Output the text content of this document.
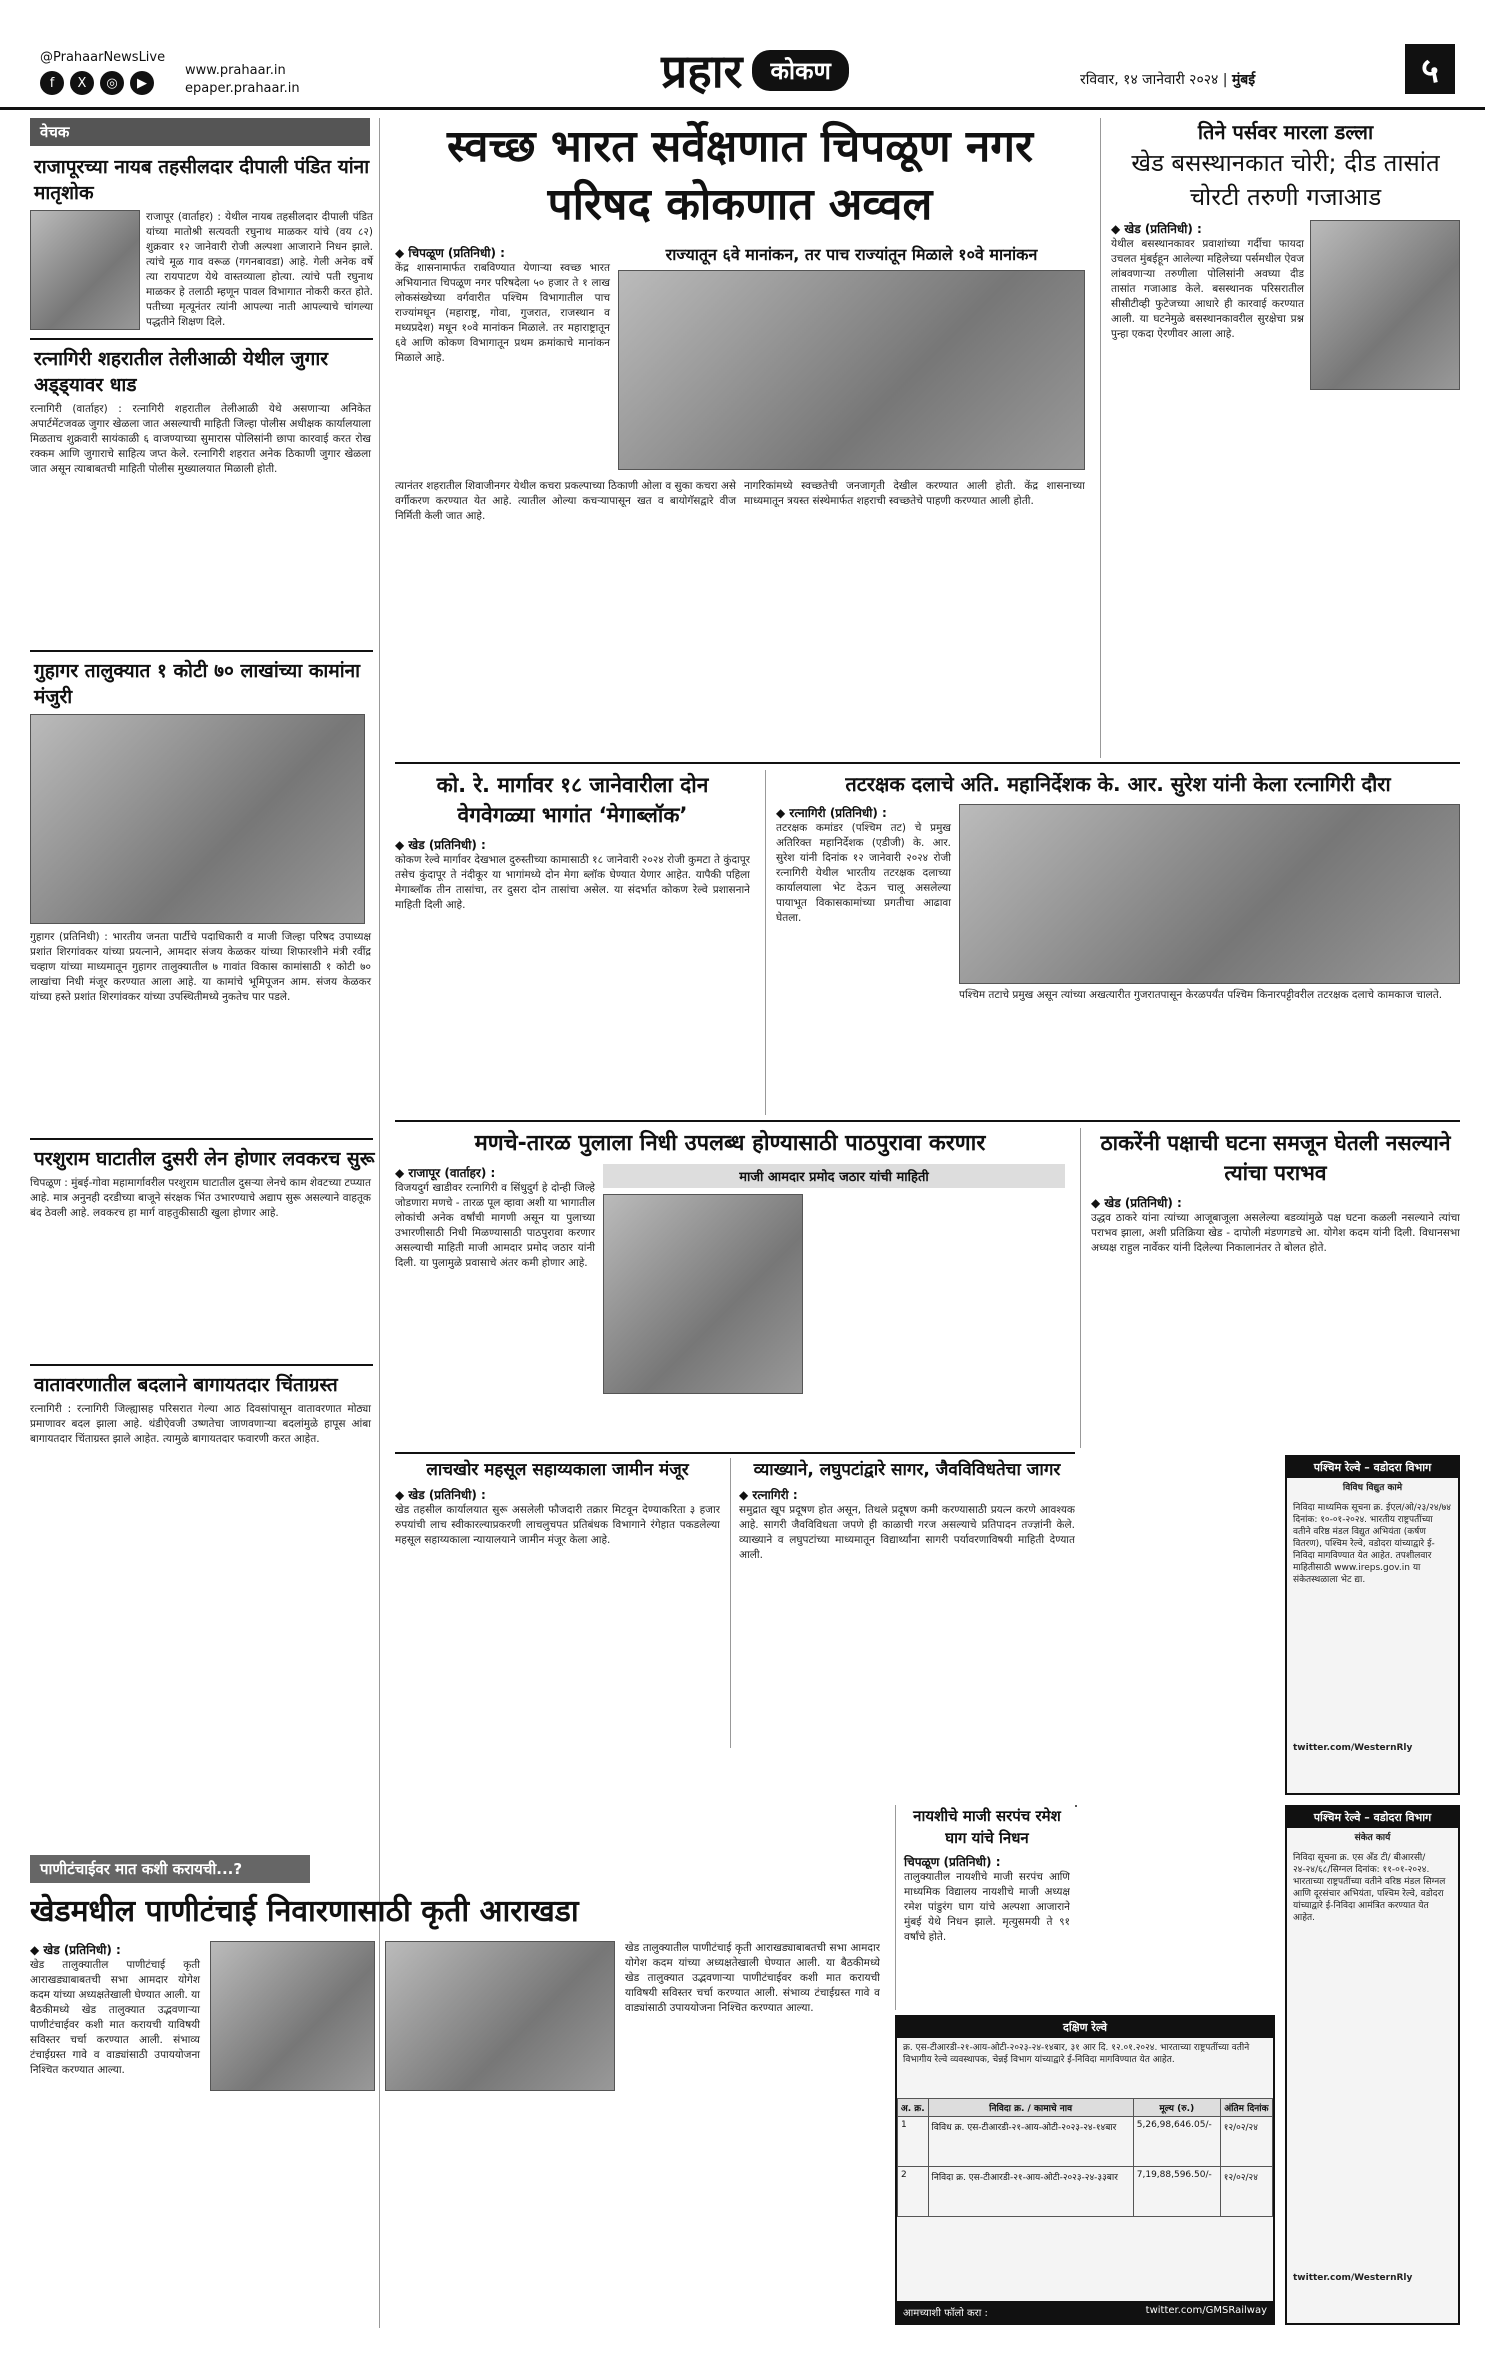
@PrahaarNewsLive
f	X	◎	▶
www.prahaar.in
epaper.prahaar.in	प्रहार	कोकण	रविवार, १४ जानेवारी २०२४ | मुंबई	५
वेचक
राजापूरच्या नायब तहसीलदार दीपाली पंडित यांना मातृशोक
राजापूर (वार्ताहर) : येथील नायब तहसीलदार दीपाली पंडित यांच्या मातोश्री सत्यवती रघुनाथ माळकर यांचे (वय ८२) शुक्रवार १२ जानेवारी रोजी अल्पशा आजाराने निधन झाले. त्यांचे मूळ गाव वरूळ (गगनबावडा) आहे. गेली अनेक वर्षे त्या रायपाटण येथे वास्तव्याला होत्या. त्यांचे पती रघुनाथ माळकर हे तलाठी म्हणून पावल विभागात नोकरी करत होते. पतीच्या मृत्यूनंतर त्यांनी आपल्या नाती आपल्याचे चांगल्या पद्धतीने शिक्षण दिले.
रत्नागिरी शहरातील तेलीआळी येथील जुगार अड्ड्यावर धाड
रत्नागिरी (वार्ताहर) : रत्नागिरी शहरातील तेलीआळी येथे असणाऱ्या अनिकेत अपार्टमेंटजवळ जुगार खेळला जात असल्याची माहिती जिल्हा पोलीस अधीक्षक कार्यालयाला मिळताच शुक्रवारी सायंकाळी ६ वाजण्याच्या सुमारास पोलिसांनी छापा कारवाई करत रोख रक्कम आणि जुगाराचे साहित्य जप्त केले. रत्नागिरी शहरात अनेक ठिकाणी जुगार खेळला जात असून त्याबाबतची माहिती पोलीस मुख्यालयात मिळाली होती.
गुहागर तालुक्यात १ कोटी ७० लाखांच्या कामांना मंजुरी
गुहागर (प्रतिनिधी) : भारतीय जनता पार्टीचे पदाधिकारी व माजी जिल्हा परिषद उपाध्यक्ष प्रशांत शिरगांवकर यांच्या प्रयत्नाने, आमदार संजय केळकर यांच्या शिफारशीने मंत्री रवींद्र चव्हाण यांच्या माध्यमातून गुहागर तालुक्यातील ७ गावांत विकास कामांसाठी १ कोटी ७० लाखांचा निधी मंजूर करण्यात आला आहे. या कामांचे भूमिपूजन आम. संजय केळकर यांच्या हस्ते प्रशांत शिरगांवकर यांच्या उपस्थितीमध्ये नुकतेच पार पडले.
परशुराम घाटातील दुसरी लेन होणार लवकरच सुरू
चिपळूण : मुंबई-गोवा महामार्गावरील परशुराम घाटातील दुसऱ्या लेनचे काम शेवटच्या टप्प्यात आहे. मात्र अनुनही दरडीच्या बाजूने संरक्षक भिंत उभारण्याचे अद्याप सुरू असल्याने वाहतूक बंद ठेवली आहे. लवकरच हा मार्ग वाहतुकीसाठी खुला होणार आहे.
वातावरणातील बदलाने बागायतदार चिंताग्रस्त
रत्नागिरी : रत्नागिरी जिल्ह्यासह परिसरात गेल्या आठ दिवसांपासून वातावरणात मोठ्या प्रमाणावर बदल झाला आहे. थंडीऐवजी उष्णतेचा जाणवणाऱ्या बदलांमुळे हापूस आंबा बागायतदार चिंताग्रस्त झाले आहेत. त्यामुळे बागायतदार फवारणी करत आहेत.
स्वच्छ भारत सर्वेक्षणात चिपळूण नगर परिषद कोकणात अव्वल
◆ चिपळूण (प्रतिनिधी) :
केंद्र शासनामार्फत राबविण्यात येणाऱ्या स्वच्छ भारत अभियानात चिपळूण नगर परिषदेला ५० हजार ते १ लाख लोकसंख्येच्या वर्गवारीत पश्चिम विभागातील पाच राज्यांमधून (महाराष्ट्र, गोवा, गुजरात, राजस्थान व मध्यप्रदेश) मधून १०वे मानांकन मिळाले. तर महाराष्ट्रातून ६वे आणि कोकण विभागातून प्रथम क्रमांकाचे मानांकन मिळाले आहे.
राज्यातून ६वे मानांकन, तर पाच राज्यांतून मिळाले १०वे मानांकन
त्यानंतर शहरातील शिवाजीनगर येथील कचरा प्रकल्पाच्या ठिकाणी ओला व सुका कचरा असे वर्गीकरण करण्यात येत आहे. त्यातील ओल्या कचऱ्यापासून खत व बायोगॅसद्वारे वीज निर्मिती केली जात आहे.
नागरिकांमध्ये स्वच्छतेची जनजागृती देखील करण्यात आली होती. केंद्र शासनाच्या माध्यमातून त्रयस्त संस्थेमार्फत शहराची स्वच्छतेचे पाहणी करण्यात आली होती.
तिने पर्सवर मारला डल्ला
खेड बसस्थानकात चोरी; दीड तासांत चोरटी तरुणी गजाआड
◆ खेड (प्रतिनिधी) :
येथील बसस्थानकावर प्रवाशांच्या गर्दीचा फायदा उचलत मुंबईहून आलेल्या महिलेच्या पर्समधील ऐवज लांबवणाऱ्या तरुणीला पोलिसांनी अवघ्या दीड तासांत गजाआड केले. बसस्थानक परिसरातील सीसीटीव्ही फुटेजच्या आधारे ही कारवाई करण्यात आली. या घटनेमुळे बसस्थानकावरील सुरक्षेचा प्रश्न पुन्हा एकदा ऐरणीवर आला आहे.
को. रे. मार्गावर १८ जानेवारीला दोन वेगवेगळ्या भागांत ‘मेगाब्लॉक’
◆ खेड (प्रतिनिधी) :
कोकण रेल्वे मार्गावर देखभाल दुरुस्तीच्या कामासाठी १८ जानेवारी २०२४ रोजी कुमटा ते कुंदापूर तसेच कुंदापूर ते नंदीकूर या भागांमध्ये दोन मेगा ब्लॉक घेण्यात येणार आहेत. यापैकी पहिला मेगाब्लॉक तीन तासांचा, तर दुसरा दोन तासांचा असेल. या संदर्भात कोकण रेल्वे प्रशासनाने माहिती दिली आहे.
तटरक्षक दलाचे अति. महानिर्देशक के. आर. सुरेश यांनी केला रत्नागिरी दौरा
◆ रत्नागिरी (प्रतिनिधी) :
तटरक्षक कमांडर (पश्चिम तट) चे प्रमुख अतिरिक्त महानिर्देशक (एडीजी) के. आर. सुरेश यांनी दिनांक १२ जानेवारी २०२४ रोजी रत्नागिरी येथील भारतीय तटरक्षक दलाच्या कार्यालयाला भेट देऊन चालू असलेल्या पायाभूत विकासकामांच्या प्रगतीचा आढावा घेतला.
पश्चिम तटाचे प्रमुख असून त्यांच्या अखत्यारीत गुजरातपासून केरळपर्यंत पश्चिम किनारपट्टीवरील तटरक्षक दलाचे कामकाज चालते.
मणचे-तारळ पुलाला निधी उपलब्ध होण्यासाठी पाठपुरावा करणार
◆ राजापूर (वार्ताहर) :
विजयदुर्ग खाडीवर रत्नागिरी व सिंधुदुर्ग हे दोन्ही जिल्हे जोडणारा मणचे - तारळ पूल व्हावा अशी या भागातील लोकांची अनेक वर्षांची मागणी असून या पुलाच्या उभारणीसाठी निधी मिळण्यासाठी पाठपुरावा करणार असल्याची माहिती माजी आमदार प्रमोद जठार यांनी दिली. या पुलामुळे प्रवासाचे अंतर कमी होणार आहे.
माजी आमदार प्रमोद जठार यांची माहिती
ठाकरेंनी पक्षाची घटना समजून घेतली नसल्याने त्यांचा पराभव
◆ खेड (प्रतिनिधी) :
उद्धव ठाकरे यांना त्यांच्या आजूबाजूला असलेल्या बडव्यांमुळे पक्ष घटना कळली नसल्याने त्यांचा पराभव झाला, अशी प्रतिक्रिया खेड - दापोली मंडणगडचे आ. योगेश कदम यांनी दिली. विधानसभा अध्यक्ष राहुल नार्वेकर यांनी दिलेल्या निकालानंतर ते बोलत होते.
लाचखोर महसूल सहाय्यकाला जामीन मंजूर
◆ खेड (प्रतिनिधी) :
खेड तहसील कार्यालयात सुरू असलेली फौजदारी तक्रार मिटवून देण्याकरिता ३ हजार रुपयांची लाच स्वीकारल्याप्रकरणी लाचलुचपत प्रतिबंधक विभागाने रंगेहात पकडलेल्या महसूल सहाय्यकाला न्यायालयाने जामीन मंजूर केला आहे.
व्याख्याने, लघुपटांद्वारे सागर, जैवविविधतेचा जागर
◆ रत्नागिरी :
समुद्रात खूप प्रदूषण होत असून, तिथले प्रदूषण कमी करण्यासाठी प्रयत्न करणे आवश्यक आहे. सागरी जैवविविधता जपणे ही काळाची गरज असल्याचे प्रतिपादन तज्ज्ञांनी केले. व्याख्याने व लघुपटांच्या माध्यमातून विद्यार्थ्यांना सागरी पर्यावरणाविषयी माहिती देण्यात आली.
पश्चिम रेल्वे – वडोदरा विभाग

विविध विद्युत कामे

निविदा माध्यमिक सूचना क्र. ईएल/ओ/२३/२४/७४ दिनांक: १०-०१-२०२४. भारतीय राष्ट्रपतींच्या वतीने वरिष्ठ मंडल विद्युत अभियंता (कर्षण वितरण), पश्चिम रेल्वे, वडोदरा यांच्याद्वारे ई-निविदा मागविण्यात येत आहेत. तपशीलवार माहितीसाठी www.ireps.gov.in या संकेतस्थळाला भेट द्या.

twitter.com/WesternRly

पश्चिम रेल्वे – वडोदरा विभाग

संकेत कार्य

निविदा सूचना क्र. एस अँड टी/ बीआरसी/२४-२४/६८/सिग्नल दिनांक: ११-०१-२०२४. भारताच्या राष्ट्रपतींच्या वतीने वरिष्ठ मंडल सिग्नल आणि दूरसंचार अभियंता, पश्चिम रेल्वे, वडोदरा यांच्याद्वारे ई-निविदा आमंत्रित करण्यात येत आहेत.

twitter.com/WesternRly

पाणीटंचाईवर मात कशी करायची...?
खेडमधील पाणीटंचाई निवारणासाठी कृती आराखडा
◆ खेड (प्रतिनिधी) :
खेड तालुक्यातील पाणीटंचाई कृती आराखड्याबाबतची सभा आमदार योगेश कदम यांच्या अध्यक्षतेखाली घेण्यात आली. या बैठकीमध्ये खेड तालुक्यात उद्भवणाऱ्या पाणीटंचाईवर कशी मात करायची याविषयी सविस्तर चर्चा करण्यात आली. संभाव्य टंचाईग्रस्त गावे व वाड्यांसाठी उपाययोजना निश्चित करण्यात आल्या.
खेड तालुक्यातील पाणीटंचाई कृती आराखड्याबाबतची सभा आमदार योगेश कदम यांच्या अध्यक्षतेखाली घेण्यात आली. या बैठकीमध्ये खेड तालुक्यात उद्भवणाऱ्या पाणीटंचाईवर कशी मात करायची याविषयी सविस्तर चर्चा करण्यात आली. संभाव्य टंचाईग्रस्त गावे व वाड्यांसाठी उपाययोजना निश्चित करण्यात आल्या.
नायशीचे माजी सरपंच रमेश घाग यांचे निधन
चिपळूण (प्रतिनिधी) :
तालुक्यातील नायशीचे माजी सरपंच आणि माध्यमिक विद्यालय नायशीचे माजी अध्यक्ष रमेश पांडुरंग घाग यांचे अल्पशा आजाराने मुंबई येथे निधन झाले. मृत्युसमयी ते ९१ वर्षांचे होते.
दक्षिण रेल्वे

क्र. एस-टीआरडी-२१-आय-ओटी-२०२३-२४-१४बार, ३१ आर दि. १२.०१.२०२४. भारताच्या राष्ट्रपतींच्या वतीने विभागीय रेल्वे व्यवस्थापक, चेन्नई विभाग यांच्याद्वारे ई-निविदा मागविण्यात येत आहेत.

अ. क्र.	निविदा क्र. / कामाचे नाव	मूल्य (रु.)	अंतिम दिनांक
1	विविध क्र. एस-टीआरडी-२१-आय-ओटी-२०२३-२४-१४बार	5,26,98,646.05/-	१२/०२/२४
2	निविदा क्र. एस-टीआरडी-२१-आय-ओटी-२०२३-२४-३३बार	7,19,88,596.50/-	१२/०२/२४
आमच्याशी फॉलो करा :	twitter.com/GMSRailway
